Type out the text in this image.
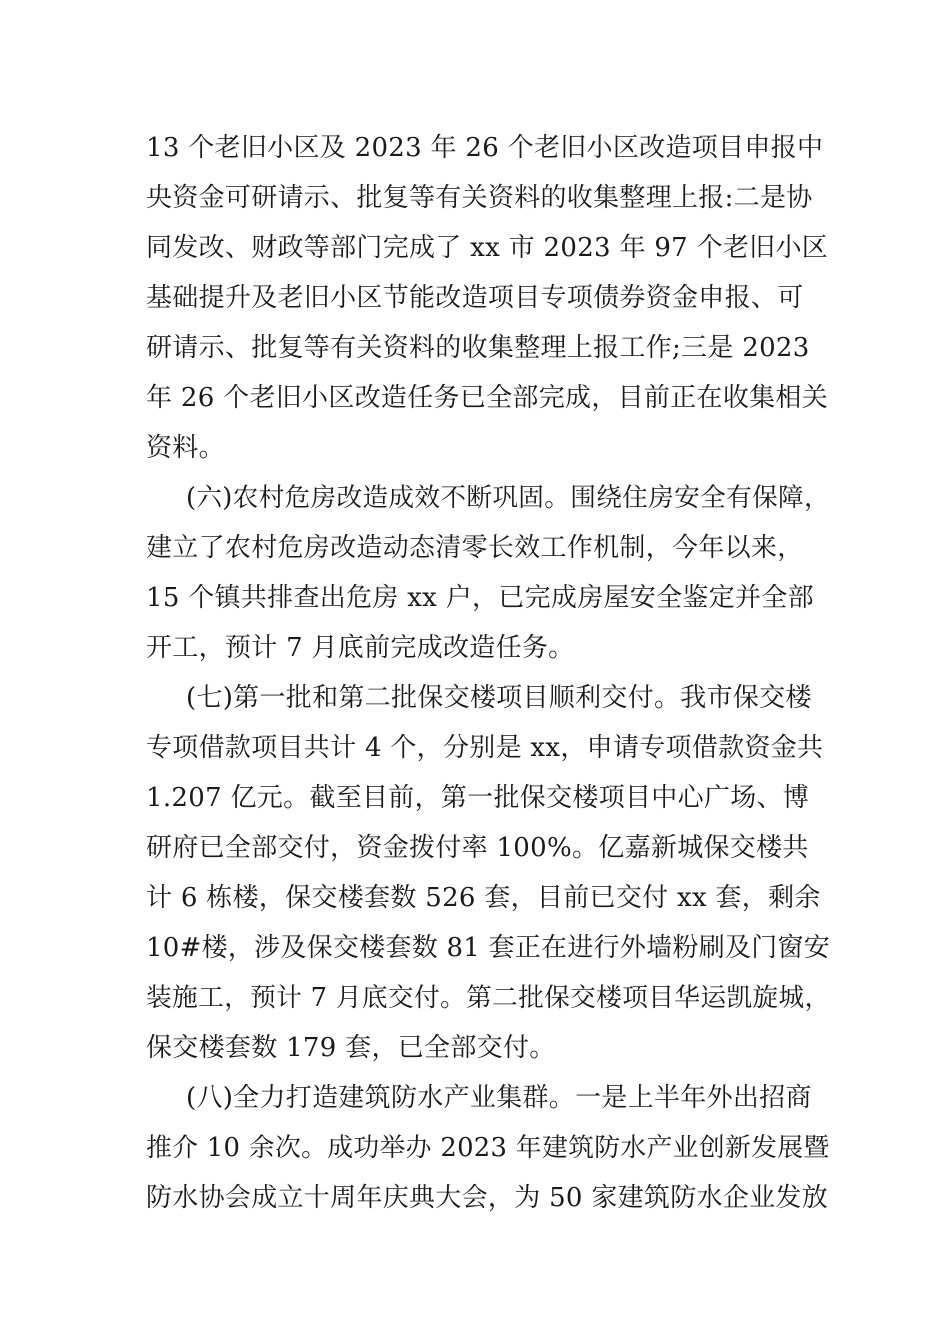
13 个老旧小区及 2023 年 26 个老旧小区改造项目申报中
央资金可研请示、批复等有关资料的收集整理上报:二是协
同发改、财政等部门完成了 xx 市 2023 年 97 个老旧小区
基础提升及老旧小区节能改造项目专项债券资金申报、可
研请示、批复等有关资料的收集整理上报工作;三是 2023
年 26 个老旧小区改造任务已全部完成，目前正在收集相关
资料。
(六)农村危房改造成效不断巩固。围绕住房安全有保障，
建立了农村危房改造动态清零长效工作机制，今年以来，
15 个镇共排查出危房 xx 户，已完成房屋安全鉴定并全部
开工，预计 7 月底前完成改造任务。
(七)第一批和第二批保交楼项目顺利交付。我市保交楼
专项借款项目共计 4 个，分别是 xx，申请专项借款资金共
1.207 亿元。截至目前，第一批保交楼项目中心广场、博
研府已全部交付，资金拨付率 100%。亿嘉新城保交楼共
计 6 栋楼，保交楼套数 526 套，目前已交付 xx 套，剩余
10#楼，涉及保交楼套数 81 套正在进行外墙粉刷及门窗安
装施工，预计 7 月底交付。第二批保交楼项目华运凯旋城，
保交楼套数 179 套，已全部交付。
(八)全力打造建筑防水产业集群。一是上半年外出招商
推介 10 余次。成功举办 2023 年建筑防水产业创新发展暨
防水协会成立十周年庆典大会，为 50 家建筑防水企业发放
